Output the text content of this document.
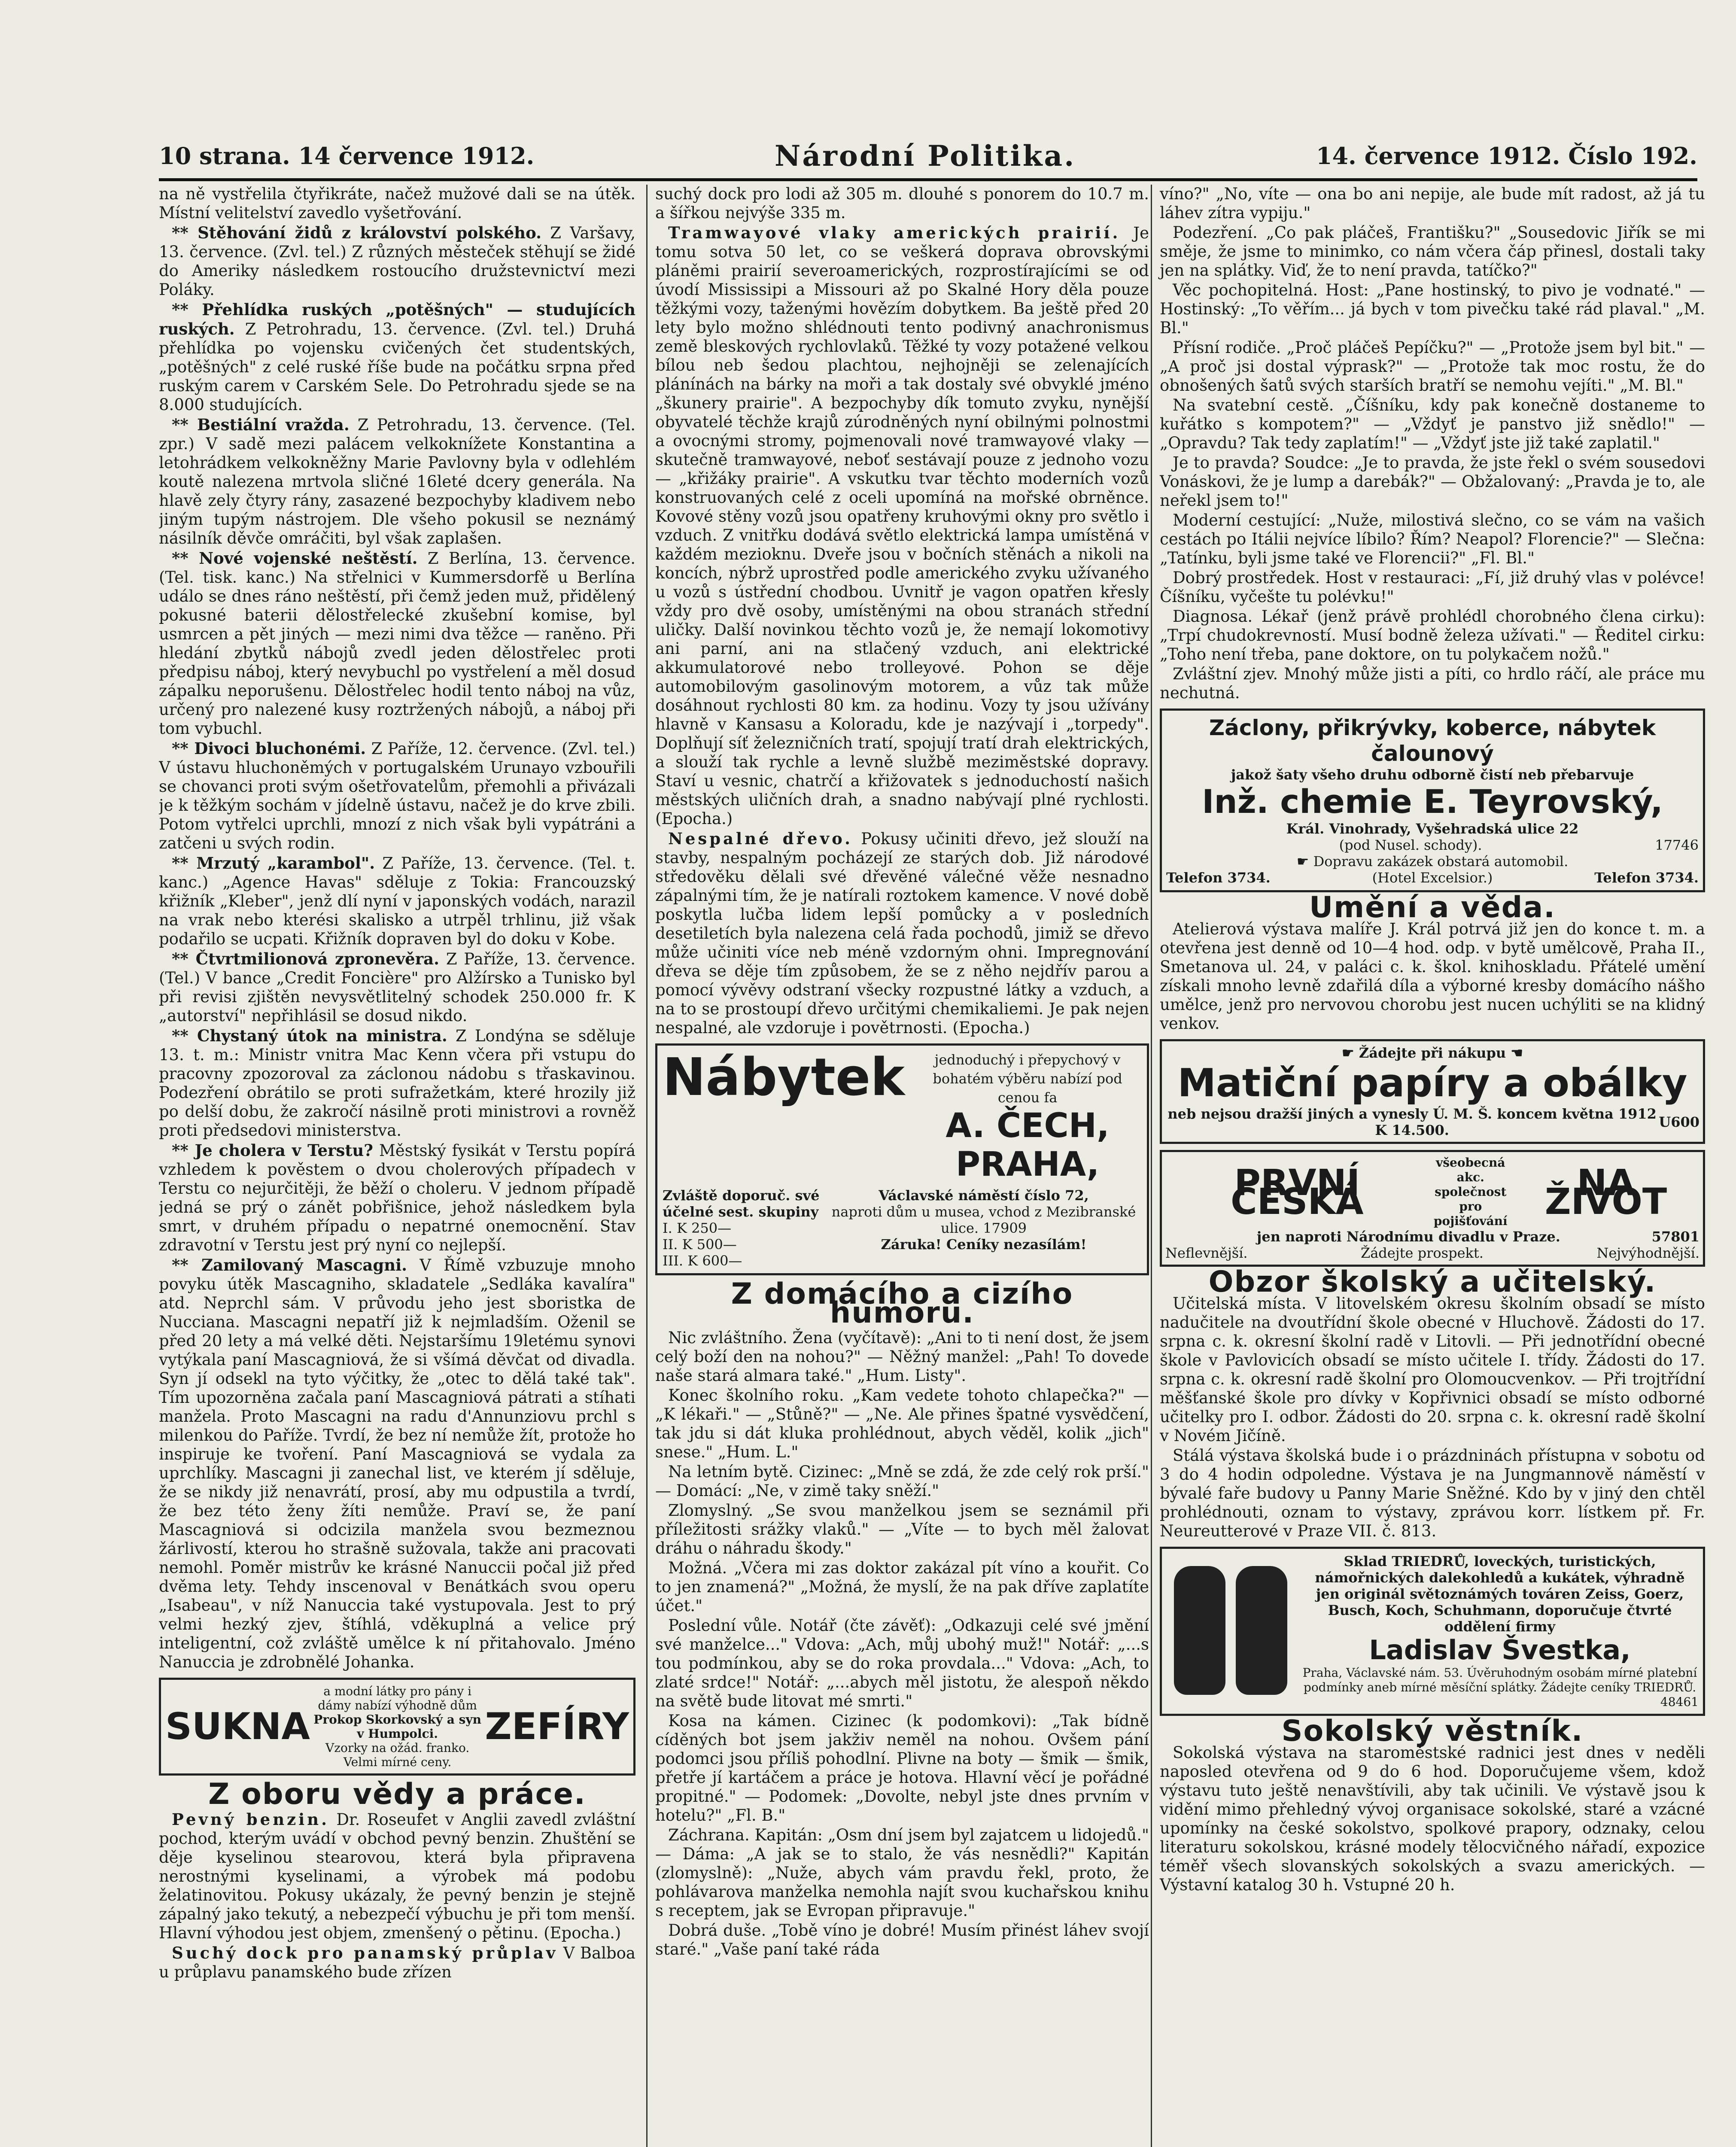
10 strana. 14 července 1912.	Národní Politika.	14. července 1912. Číslo 192.

na ně vystřelila čtyřikráte, načež mužové dali se na útěk. Místní velitelství zavedlo vyšetřování.

** Stěhování židů z království polského. Z Varšavy, 13. července. (Zvl. tel.) Z různých městeček stěhují se židé do Ameriky následkem rostoucího družstevnictví mezi Poláky.

** Přehlídka ruských „potěšných" — studujících ruských. Z Petrohradu, 13. července. (Zvl. tel.) Druhá přehlídka po vojensku cvičených čet studentských, „potěšných" z celé ruské říše bude na počátku srpna před ruským carem v Carském Sele. Do Petrohradu sjede se na 8.000 studujících.

** Bestiální vražda. Z Petrohradu, 13. července. (Tel. zpr.) V sadě mezi palácem velkoknížete Konstantina a letohrádkem velkokněžny Marie Pavlovny byla v odlehlém koutě nalezena mrtvola sličné 16leté dcery generála. Na hlavě zely čtyry rány, zasazené bezpochyby kladivem nebo jiným tupým nástrojem. Dle všeho pokusil se neznámý násilník děvče omráčiti, byl však zaplašen.

** Nové vojenské neštěstí. Z Berlína, 13. července. (Tel. tisk. kanc.) Na střelnici v Kummersdorfě u Berlína událo se dnes ráno neštěstí, při čemž jeden muž, přidělený pokusné baterii dělostřelecké zkušební komise, byl usmrcen a pět jiných — mezi nimi dva těžce — raněno. Při hledání zbytků nábojů zvedl jeden dělostřelec proti předpisu náboj, který nevybuchl po vystřelení a měl dosud zápalku neporušenu. Dělostřelec hodil tento náboj na vůz, určený pro nalezené kusy roztržených nábojů, a náboj při tom vybuchl.

** Divoci bluchonémi. Z Paříže, 12. července. (Zvl. tel.) V ústavu hluchoněmých v portugalském Urunayo vzbouřili se chovanci proti svým ošetřovatelům, přemohli a přivázali je k těžkým sochám v jídelně ústavu, načež je do krve zbili. Potom vytřelci uprchli, mnozí z nich však byli vypátráni a zatčeni u svých rodin.

** Mrzutý „karambol". Z Paříže, 13. července. (Tel. t. kanc.) „Agence Havas" sděluje z Tokia: Francouzský křižník „Kleber", jenž dlí nyní v japonských vodách, narazil na vrak nebo kterési skalisko a utrpěl trhlinu, již však podařilo se ucpati. Křižník dopraven byl do doku v Kobe.

** Čtvrtmilionová zpronevěra. Z Paříže, 13. července. (Tel.) V bance „Credit Foncière" pro Alžírsko a Tunisko byl při revisi zjištěn nevysvětlitelný schodek 250.000 fr. K „autorství" nepřihlásil se dosud nikdo.

** Chystaný útok na ministra. Z Londýna se sděluje 13. t. m.: Ministr vnitra Mac Kenn včera při vstupu do pracovny zpozoroval za záclonou nádobu s třaskavinou. Podezření obrátilo se proti sufražetkám, které hrozily již po delší dobu, že zakročí násilně proti ministrovi a rovněž proti předsedovi ministerstva.

** Je cholera v Terstu? Městský fysikát v Terstu popírá vzhledem k pověstem o dvou cholerových případech v Terstu co nejurčitěji, že běží o choleru. V jednom případě jedná se prý o zánět pobřišnice, jehož následkem byla smrt, v druhém případu o nepatrné onemocnění. Stav zdravotní v Terstu jest prý nyní co nejlepší.

** Zamilovaný Mascagni. V Římě vzbuzuje mnoho povyku útěk Mascagniho, skladatele „Sedláka kavalíra" atd. Neprchl sám. V průvodu jeho jest sboristka de Nucciana. Mascagni nepatří již k nejmladším. Oženil se před 20 lety a má velké děti. Nejstaršímu 19letému synovi vytýkala paní Mascagniová, že si všímá děvčat od divadla. Syn jí odsekl na tyto výčitky, že „otec to dělá také tak". Tím upozorněna začala paní Mascagniová pátrati a stíhati manžela. Proto Mascagni na radu d'Annunziovu prchl s milenkou do Paříže. Tvrdí, že bez ní nemůže žít, protože ho inspiruje ke tvoření. Paní Mascagniová se vydala za uprchlíky. Mascagni ji zanechal list, ve kterém jí sděluje, že se nikdy již nenavrátí, prosí, aby mu odpustila a tvrdí, že bez této ženy žíti nemůže. Praví se, že paní Mascagniová si odcizila manžela svou bezmeznou žárlivostí, kterou ho strašně sužovala, takže ani pracovati nemohl. Poměr mistrův ke krásné Nanuccii počal již před dvěma lety. Tehdy inscenoval v Benátkách svou operu „Isabeau", v níž Nanuccia také vystupovala. Jest to prý velmi hezký zjev, štíhlá, vděkuplná a velice prý inteligentní, což zvláště umělce k ní přitahovalo. Jméno Nanuccia je zdrobnělé Johanka.

SUKNA
a modní látky pro pány i dámy nabízí výhodně dům
Prokop Skorkovský a syn
v Humpolci.
Vzorky na ožád. franko.
Velmi mírné ceny.
ZEFÍRY
Z oboru vědy a práce.

Pevný benzin. Dr. Roseufet v Anglii zavedl zvláštní pochod, kterým uvádí v obchod pevný benzin. Zhuštění se děje kyselinou stearovou, která byla připravena nerostnými kyselinami, a výrobek má podobu želatinovitou. Pokusy ukázaly, že pevný benzin je stejně zápalný jako tekutý, a nebezpečí výbuchu je při tom menší. Hlavní výhodou jest objem, zmenšený o pětinu. (Epocha.)

Suchý dock pro panamský průplav V Balboa u průplavu panamského bude zřízen

suchý dock pro lodi až 305 m. dlouhé s ponorem do 10.7 m. a šířkou nejvýše 335 m.

Tramwayové vlaky amerických prairií. Je tomu sotva 50 let, co se veškerá doprava obrovskými pláněmi prairií severoamerických, rozprostírajícími se od úvodí Mississipi a Missouri až po Skalné Hory děla pouze těžkými vozy, taženými hovězím dobytkem. Ba ještě před 20 lety bylo možno shlédnouti tento podivný anachronismus země bleskových rychlovlaků. Těžké ty vozy potažené velkou bílou neb šedou plachtou, nejhojněji se zelenajících plánínách na bárky na moři a tak dostaly své obvyklé jméno „škunery prairie". A bezpochyby dík tomuto zvyku, nynější obyvatelé těchže krajů zúrodněných nyní obilnými polnostmi a ovocnými stromy, pojmenovali nové tramwayové vlaky — skutečně tramwayové, neboť sestávají pouze z jednoho vozu — „křižáky prairie". A vskutku tvar těchto moderních vozů konstruovaných celé z oceli upomíná na mořské obrněnce. Kovové stěny vozů jsou opatřeny kruhovými okny pro světlo i vzduch. Z vnitřku dodává světlo elektrická lampa umístěná v každém mezioknu. Dveře jsou v bočních stěnách a nikoli na koncích, nýbrž uprostřed podle amerického zvyku užívaného u vozů s ústřední chodbou. Uvnitř je vagon opatřen křesly vždy pro dvě osoby, umístěnými na obou stranách střední uličky. Další novinkou těchto vozů je, že nemají lokomotivy ani parní, ani na stlačený vzduch, ani elektrické akkumulatorové nebo trolleyové. Pohon se děje automobilovým gasolinovým motorem, a vůz tak může dosáhnout rychlosti 80 km. za hodinu. Vozy ty jsou užívány hlavně v Kansasu a Koloradu, kde je nazývají i „torpedy". Doplňují síť železničních tratí, spojují tratí drah elektrických, a slouží tak rychle a levně službě meziměstské dopravy. Staví u vesnic, chatrčí a křižovatek s jednoduchostí našich městských uličních drah, a snadno nabývají plné rychlosti. (Epocha.)

Nespalné dřevo. Pokusy učiniti dřevo, jež slouží na stavby, nespalným pocházejí ze starých dob. Již národové středověku dělali své dřevěné válečné věže nesnadno zápalnými tím, že je natírali roztokem kamence. V nové době poskytla lučba lidem lepší pomůcky a v posledních desetiletích byla nalezena celá řada pochodů, jimiž se dřevo může učiniti více neb méně vzdorným ohni. Impregnování dřeva se děje tím způsobem, že se z něho nejdřív parou a pomocí vývěvy odstraní všecky rozpustné látky a vzduch, a na to se prostoupí dřevo určitými chemikaliemi. Je pak nejen nespalné, ale vzdoruje i povětrnosti. (Epocha.)

Nábytek	jednoduchý i přepychový v bohatém výběru nabízí pod cenou fa
A. ČECH, PRAHA,
Zvláště doporuč. své účelné sest. skupiny
I. K 250—
II. K 500—
III. K 600—
Václavské náměstí číslo 72,
naproti dům u musea, vchod z Mezibranské ulice. 17909
Záruka! Ceníky nezasílám!
Z domácího a cizího humoru.

Nic zvláštního. Žena (vyčítavě): „Ani to ti není dost, že jsem celý boží den na nohou?" — Něžný manžel: „Pah! To dovede naše stará almara také." „Hum. Listy".

Konec školního roku. „Kam vedete tohoto chlapečka?" — „K lékaři." — „Stůně?" — „Ne. Ale přines špatné vysvědčení, tak jdu si dát kluka prohlédnout, abych věděl, kolik „jich" snese." „Hum. L."

Na letním bytě. Cizinec: „Mně se zdá, že zde celý rok prší." — Domácí: „Ne, v zimě taky sněží."

Zlomyslný. „Se svou manželkou jsem se seznámil při příležitosti srážky vlaků." — „Víte — to bych měl žalovat dráhu o náhradu škody."

Možná. „Včera mi zas doktor zakázal pít víno a kouřit. Co to jen znamená?" „Možná, že myslí, že na pak dříve zaplatíte účet."

Poslední vůle. Notář (čte závěť): „Odkazuji celé své jmění své manželce..." Vdova: „Ach, můj ubohý muž!" Notář: „...s tou podmínkou, aby se do roka provdala..." Vdova: „Ach, to zlaté srdce!" Notář: „...abych měl jistotu, že alespoň někdo na světě bude litovat mé smrti."

Kosa na kámen. Cizinec (k podomkovi): „Tak bídně cíděných bot jsem jakživ neměl na nohou. Ovšem pání podomci jsou příliš pohodlní. Plivne na boty — šmik — šmik, přetře jí kartáčem a práce je hotova. Hlavní věcí je pořádné propitné." — Podomek: „Dovolte, nebyl jste dnes prvním v hotelu?" „Fl. B."

Záchrana. Kapitán: „Osm dní jsem byl zajatcem u lidojedů." — Dáma: „A jak se to stalo, že vás nesnědli?" Kapitán (zlomyslně): „Nuže, abych vám pravdu řekl, proto, že pohlávarova manželka nemohla najít svou kuchařskou knihu s receptem, jak se Evropan připravuje."

Dobrá duše. „Tobě víno je dobré! Musím přinést láhev svojí staré." „Vaše paní také ráda

víno?" „No, víte — ona bo ani nepije, ale bude mít radost, až já tu láhev zítra vypiju."

Podezření. „Co pak pláčeš, Františku?" „Sousedovic Jiřík se mi směje, že jsme to minimko, co nám včera čáp přinesl, dostali taky jen na splátky. Viď, že to není pravda, tatíčko?"

Věc pochopitelná. Host: „Pane hostinský, to pivo je vodnaté." — Hostinský: „To věřím... já bych v tom pivečku také rád plaval." „M. Bl."

Přísní rodiče. „Proč pláčeš Pepíčku?" — „Protože jsem byl bit." — „A proč jsi dostal výprask?" — „Protože tak moc rostu, že do obnošených šatů svých starších bratří se nemohu vejíti." „M. Bl."

Na svatební cestě. „Číšníku, kdy pak konečně dostaneme to kuřátko s kompotem?" — „Vždyť je panstvo již snědlo!" — „Opravdu? Tak tedy zaplatím!" — „Vždyť jste již také zaplatil."

Je to pravda? Soudce: „Je to pravda, že jste řekl o svém sousedovi Vonáskovi, že je lump a darebák?" — Obžalovaný: „Pravda je to, ale neřekl jsem to!"

Moderní cestující: „Nuže, milostivá slečno, co se vám na vašich cestách po Itálii nejvíce líbilo? Řím? Neapol? Florencie?" — Slečna: „Tatínku, byli jsme také ve Florencii?" „Fl. Bl."

Dobrý prostředek. Host v restauraci: „Fí, již druhý vlas v polévce! Číšníku, vyčešte tu polévku!"

Diagnosa. Lékař (jenž právě prohlédl chorobného člena cirku): „Trpí chudokrevností. Musí bodně železa užívati." — Ředitel cirku: „Toho není třeba, pane doktore, on tu polykačem nožů."

Zvláštní zjev. Mnohý může jisti a píti, co hrdlo ráčí, ale práce mu nechutná.

Záclony, přikrývky, koberce, nábytek čalounový
jakož šaty všeho druhu odborně čistí neb přebarvuje
Inž. chemie E. Teyrovský,
Král. Vinohrady, Vyšehradská ulice 22
(pod Nusel. schody).	17746
☛ Dopravu zakázek obstará automobil.
Telefon 3734.	(Hotel Excelsior.)	Telefon 3734.
Umění a věda.

Atelierová výstava malíře J. Král potrvá již jen do konce t. m. a otevřena jest denně od 10—4 hod. odp. v bytě umělcově, Praha II., Smetanova ul. 24, v paláci c. k. škol. knihoskladu. Přátelé umění získali mnoho levně zdařilá díla a výborné kresby domácího nášho umělce, jenž pro nervovou chorobu jest nucen uchýliti se na klidný venkov.

☛ Žádejte při nákupu ☚
Matiční papíry a obálky
neb nejsou dražší jiných a vynesly Ú. M. Š. koncem května 1912 K 14.500.	U600
PRVNÍ ČESKÁ
všeobecná akc. společnost pro pojišťování
NA ŽIVOT
jen naproti Národnímu divadlu v Praze.	57801
Neflevnější.	Žádejte prospekt.	Nejvýhodnější.
Obzor školský a učitelský.

Učitelská místa. V litovelském okresu školním obsadí se místo nadučitele na dvoutřídní škole obecné v Hluchově. Žádosti do 17. srpna c. k. okresní školní radě v Litovli. — Při jednotřídní obecné škole v Pavlovicích obsadí se místo učitele I. třídy. Žádosti do 17. srpna c. k. okresní radě školní pro Olomoucvenkov. — Při trojtřídní měšťanské škole pro dívky v Kopřivnici obsadí se místo odborné učitelky pro I. odbor. Žádosti do 20. srpna c. k. okresní radě školní v Novém Jičíně.

Stálá výstava školská bude i o prázdninách přístupna v sobotu od 3 do 4 hodin odpoledne. Výstava je na Jungmannově náměstí v bývalé faře budovy u Panny Marie Sněžné. Kdo by v jiný den chtěl prohlédnouti, oznam to výstavy, zprávou korr. lístkem př. Fr. Neureutterové v Praze VII. č. 813.

Sklad TRIEDRŮ, loveckých, turistických, námořnických dalekohledů a kukátek, výhradně jen originál světoznámých továren Zeiss, Goerz, Busch, Koch, Schuhmann, doporučuje čtvrté oddělení firmy
Ladislav Švestka,
Praha, Václavské nám. 53. Úvěruhodným osobám mírné platební podmínky aneb mírné měsíční splátky. Žádejte ceníky TRIEDRŮ.
48461
Sokolský věstník.

Sokolská výstava na staroměstské radnici jest dnes v neděli naposled otevřena od 9 do 6 hod. Doporučujeme všem, kdož výstavu tuto ještě nenavštívili, aby tak učinili. Ve výstavě jsou k vidění mimo přehledný vývoj organisace sokolské, staré a vzácné upomínky na české sokolstvo, spolkové prapory, odznaky, celou literaturu sokolskou, krásné modely tělocvičného nářadí, expozice téměř všech slovanských sokolských a svazu amerických. — Výstavní katalog 30 h. Vstupné 20 h.
